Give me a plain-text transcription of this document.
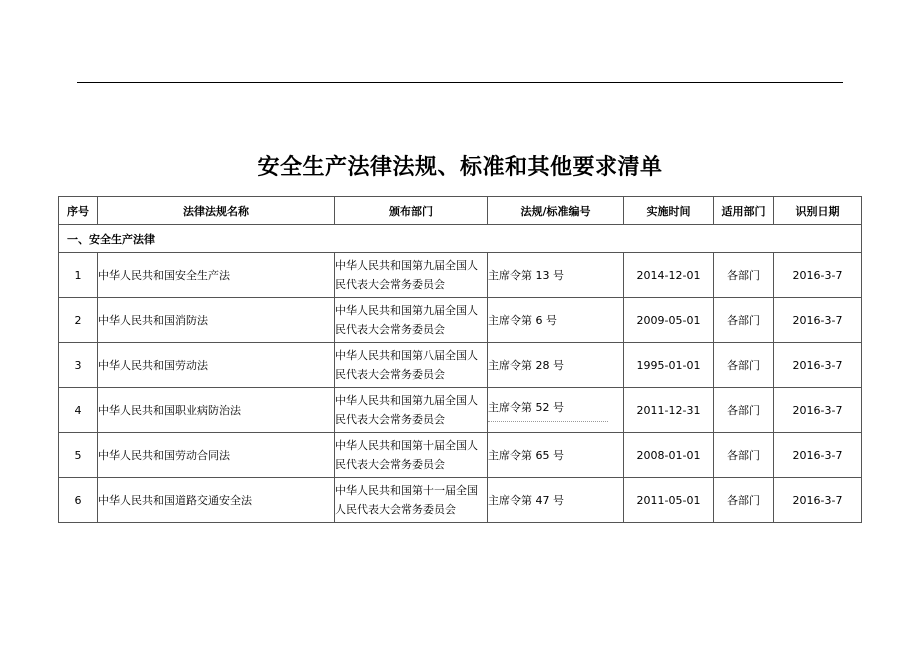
安全生产法律法规、标准和其他要求清单
序号	法律法规名称	颁布部门	法规/标准编号	实施时间	适用部门	识别日期
一、安全生产法律						
1	中华人民共和国安全生产法	中华人民共和国第九届全国人民代表大会常务委员会	主席令第 13 号	2014-12-01	各部门	2016-3-7
2	中华人民共和国消防法	中华人民共和国第九届全国人民代表大会常务委员会	主席令第 6 号	2009-05-01	各部门	2016-3-7
3	中华人民共和国劳动法	中华人民共和国第八届全国人民代表大会常务委员会	主席令第 28 号	1995-01-01	各部门	2016-3-7
4	中华人民共和国职业病防治法	中华人民共和国第九届全国人民代表大会常务委员会	主席令第 52 号	2011-12-31	各部门	2016-3-7
5	中华人民共和国劳动合同法	中华人民共和国第十届全国人民代表大会常务委员会	主席令第 65 号	2008-01-01	各部门	2016-3-7
6	中华人民共和国道路交通安全法	中华人民共和国第十一届全国人民代表大会常务委员会	主席令第 47 号	2011-05-01	各部门	2016-3-7
